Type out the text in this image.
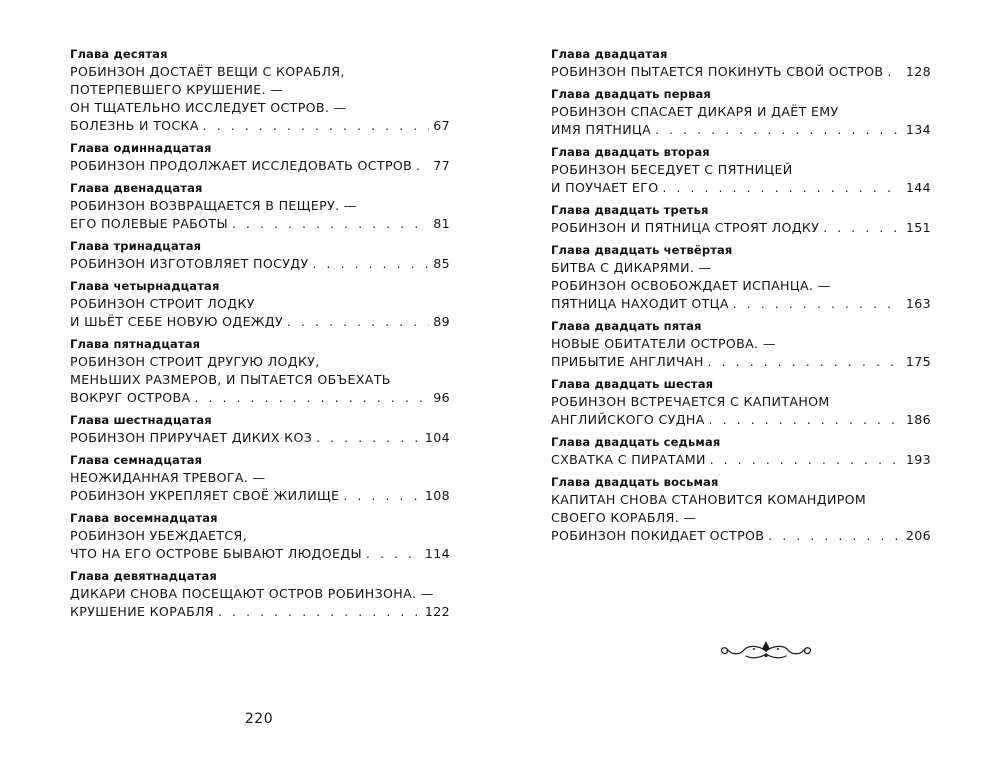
Глава десятая
РОБИНЗОН ДОСТАЁТ ВЕЩИ С КОРАБЛЯ,
ПОТЕРПЕВШЕГО КРУШЕНИЕ. —
ОН ТЩАТЕЛЬНО ИССЛЕДУЕТ ОСТРОВ. —
БОЛЕЗНЬ И ТОСКА . . .	67
Глава одиннадцатая
РОБИНЗОН ПРОДОЛЖАЕТ ИССЛЕДОВАТЬ ОСТРОВ . . . 77
Глава двенадцатая
РОБИНЗОН ВОЗВРАЩАЕТСЯ В ПЕЩЕРУ. —
ЕГО ПОЛЕВЫЕ РАБОТЫ . . .	81
Глава тринадцатая
РОБИНЗОН ИЗГОТОВЛЯЕТ ПОСУДУ . . .	85
Глава четырнадцатая
РОБИНЗОН СТРОИТ ЛОДКУ
И ШЬЁТ СЕБЕ НОВУЮ ОДЕЖДУ . . .	89
Глава пятнадцатая
РОБИНЗОН СТРОИТ ДРУГУЮ ЛОДКУ,
МЕНЬШИХ РАЗМЕРОВ, И ПЫТАЕТСЯ ОБЪЕХАТЬ
ВОКРУГ ОСТРОВА . . .	96
Глава шестнадцатая
РОБИНЗОН ПРИРУЧАЕТ ДИКИХ КОЗ . . .	104
Глава семнадцатая
НЕОЖИДАННАЯ ТРЕВОГА. —
РОБИНЗОН УКРЕПЛЯЕТ СВОЁ ЖИЛИЩЕ . . .	108
Глава восемнадцатая
РОБИНЗОН УБЕЖДАЕТСЯ,
ЧТО НА ЕГО ОСТРОВЕ БЫВАЮТ ЛЮДОЕДЫ . . .	114
Глава девятнадцатая
ДИКАРИ СНОВА ПОСЕЩАЮТ ОСТРОВ РОБИНЗОНА. —
КРУШЕНИЕ КОРАБЛЯ . . .	122
Глава двадцатая
РОБИНЗОН ПЫТАЕТСЯ ПОКИНУТЬ СВОЙ ОСТРОВ . . . 128
Глава двадцать первая
РОБИНЗОН СПАСАЕТ ДИКАРЯ И ДАЁТ ЕМУ
ИМЯ ПЯТНИЦА . . .	134
Глава двадцать вторая
РОБИНЗОН БЕСЕДУЕТ С ПЯТНИЦЕЙ
И ПОУЧАЕТ ЕГО . . .	144
Глава двадцать третья
РОБИНЗОН И ПЯТНИЦА СТРОЯТ ЛОДКУ . . .	151
Глава двадцать четвёртая
БИТВА С ДИКАРЯМИ. —
РОБИНЗОН ОСВОБОЖДАЕТ ИСПАНЦА. —
ПЯТНИЦА НАХОДИТ ОТЦА . . .	163
Глава двадцать пятая
НОВЫЕ ОБИТАТЕЛИ ОСТРОВА. —
ПРИБЫТИЕ АНГЛИЧАН . . .	175
Глава двадцать шестая
РОБИНЗОН ВСТРЕЧАЕТСЯ С КАПИТАНОМ
АНГЛИЙСКОГО СУДНА . . .	186
Глава двадцать седьмая
СХВАТКА С ПИРАТАМИ . . .	193
Глава двадцать восьмая
КАПИТАН СНОВА СТАНОВИТСЯ КОМАНДИРОМ
СВОЕГО КОРАБЛЯ. —
РОБИНЗОН ПОКИДАЕТ ОСТРОВ . . .	206
220
